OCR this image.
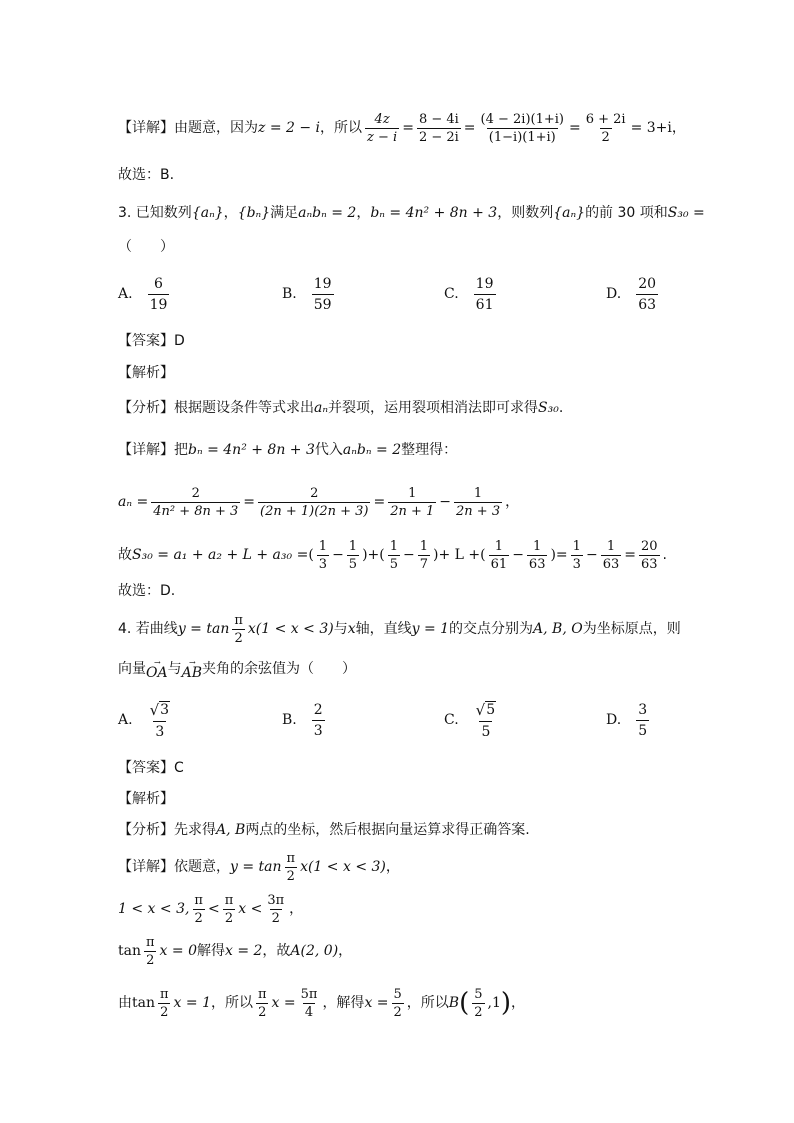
【详解】 由题意，因为 z = 2 − i ，所以 $\frac{4z}{z - i} = \frac{8 - 4i}{2 - 2i} = \frac{(4 - 2i)(1+i)}{(1-i)(1+i)} = \frac{6 + 2i}{2} = 3+i$ ，
故选：B.
3. 已知数列 {aₙ} ， {bₙ} 满足 aₙbₙ = 2 ， bₙ = 4n² + 8n + 3 ，则数列 {aₙ} 的前 30 项和 S₃₀ =
（　　）
A. $\frac{6}{19}$	B. $\frac{19}{59}$	C. $\frac{19}{61}$	D. $\frac{20}{63}$
【答案】 D
【解析】
【分析】 根据题设条件等式求出 aₙ 并裂项，运用裂项相消法即可求得 S₃₀ .
【详解】 把 bₙ = 4n² + 8n + 3 代入 aₙbₙ = 2 整理得：
$a_n = \frac{2}{\text{4n² + 8n + 3}} = \frac{2}{(2n + 1)(2n + 3)} = \frac{1}{2n + 1} - \frac{1}{2n + 3}$ ，
故 S₃₀ = a₁ + a₂ + L + a₃₀ = ( $\frac{1}{3} - \frac{1}{5}$ )+( $\frac{1}{5} - \frac{1}{7}$ ) + L + ( $\frac{1}{61} - \frac{1}{63}$ )= $\frac{1}{3} - \frac{1}{63} = \frac{20}{63}$ .
故选：D.
4. 若曲线 $y = \tan \frac{\pi}{2} x(1 < x < 3)$ 与 x 轴，直线 y = 1 的交点分别为 A, B, O 为坐标原点，则
向量 →
OA 与 →
AB 夹角的余弦值为（　　）
A. $\frac{√ 3}{3}$	B. $\frac{2}{3}$	C. $\frac{√ 5}{5}$	D. $\frac{3}{5}$
【答案】 C
【解析】
【分析】 先求得 A, B 两点的坐标，然后根据向量运算求得正确答案.
【详解】 依题意， $y = \tan \frac{\pi}{2} x(1 < x < 3)$ ，
1 < x < 3, $\frac{\pi}{2} < \frac{\pi}{2}$ $x < \frac{3\pi}{2}$ ，
$\tan \frac{\pi}{2}$ x = 0 解得 x = 2 ，故 A(2, 0) ，
由 $\tan \frac{\pi}{2}$ x = 1 ，所以 $\frac{\pi}{2}$ $x = \frac{5\pi}{4}$ ，解得 $x = \frac{5}{2}$ ，所以 B ( $\frac{5}{2} ,1$ ) ，
